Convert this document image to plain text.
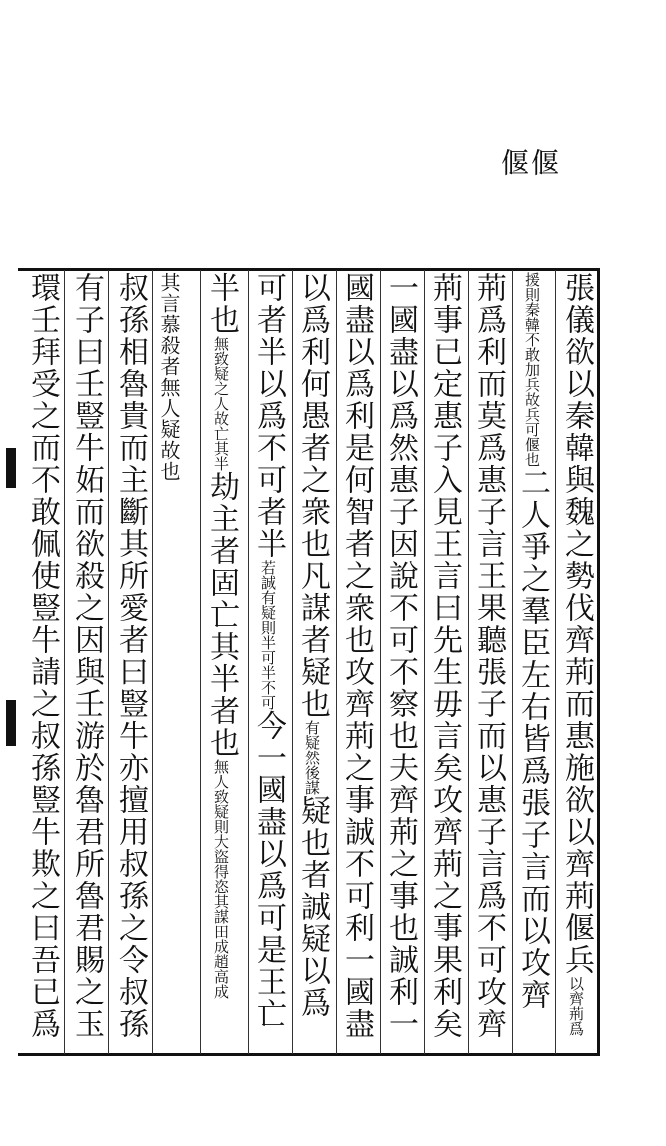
偃
偃
張儀欲以秦韓與魏之勢伐齊荊而惠施欲以齊荊偃兵以齊荊爲
援則秦韓不敢加兵故兵可偃也二人爭之羣臣左右皆爲張子言而以攻齊
荊爲利而莫爲惠子言王果聽張子而以惠子言爲不可攻齊
荊事已定惠子入見王言曰先生毋言矣攻齊荊之事果利矣
一國盡以爲然惠子因說不可不察也夫齊荊之事也誠利一
國盡以爲利是何智者之衆也攻齊荊之事誠不可利一國盡
以爲利何愚者之衆也凡謀者疑也有疑然後謀疑也者誠疑以爲
可者半以爲不可者半若誠有疑則半可半不可今一國盡以爲可是王亡
半也無致疑之人故亡其半劫主者固亡其半者也無人致疑則大盜得恣其謀田成趙高成
其言慕殺者無人疑故也
叔孫相魯貴而主斷其所愛者曰豎牛亦擅用叔孫之令叔孫
有子曰壬豎牛妬而欲殺之因與壬游於魯君所魯君賜之玉
環壬拜受之而不敢佩使豎牛請之叔孫豎牛欺之曰吾已爲
